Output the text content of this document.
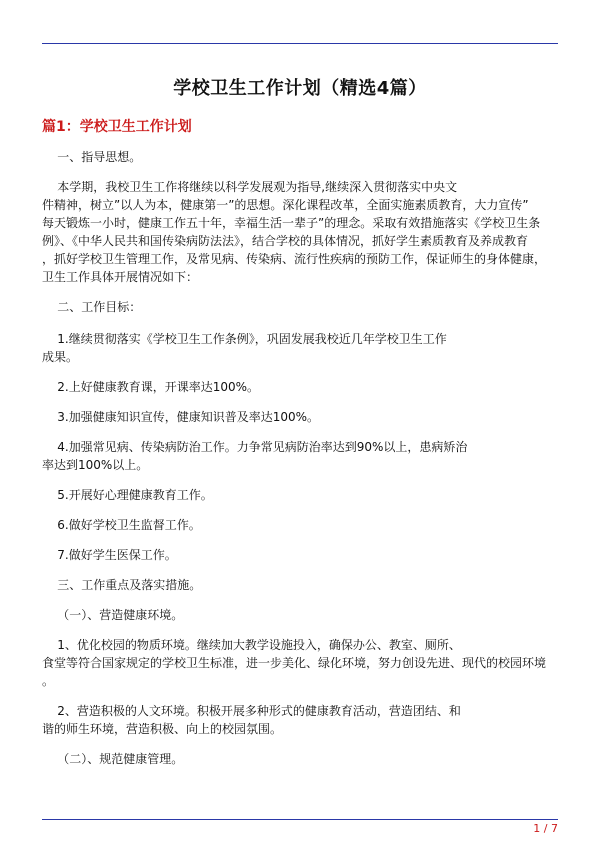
学校卫生工作计划（精选4篇）
篇1：学校卫生工作计划

一、指导思想。

本学期，我校卫生工作将继续以科学发展观为指导,继续深入贯彻落实中央文
件精神，树立”以人为本，健康第一”的思想。深化课程改革，全面实施素质教育，大力宣传”
每天锻炼一小时，健康工作五十年，幸福生活一辈子”的理念。采取有效措施落实《学校卫生条
例》、《中华人民共和国传染病防法法》，结合学校的具体情况，抓好学生素质教育及养成教育
，抓好学校卫生管理工作，及常见病、传染病、流行性疾病的预防工作，保证师生的身体健康，
卫生工作具体开展情况如下：

二、工作目标：

1.继续贯彻落实《学校卫生工作条例》，巩固发展我校近几年学校卫生工作
成果。

2.上好健康教育课，开课率达100%。

3.加强健康知识宣传，健康知识普及率达100%。

4.加强常见病、传染病防治工作。力争常见病防治率达到90%以上，患病矫治
率达到100%以上。

5.开展好心理健康教育工作。

6.做好学校卫生监督工作。

7.做好学生医保工作。

三、工作重点及落实措施。

（一）、营造健康环境。

1、优化校园的物质环境。继续加大教学设施投入，确保办公、教室、厕所、
食堂等符合国家规定的学校卫生标准，进一步美化、绿化环境，努力创设先进、现代的校园环境
。

2、营造积极的人文环境。积极开展多种形式的健康教育活动，营造团结、和
谐的师生环境，营造积极、向上的校园氛围。

（二）、规范健康管理。

1 / 7
